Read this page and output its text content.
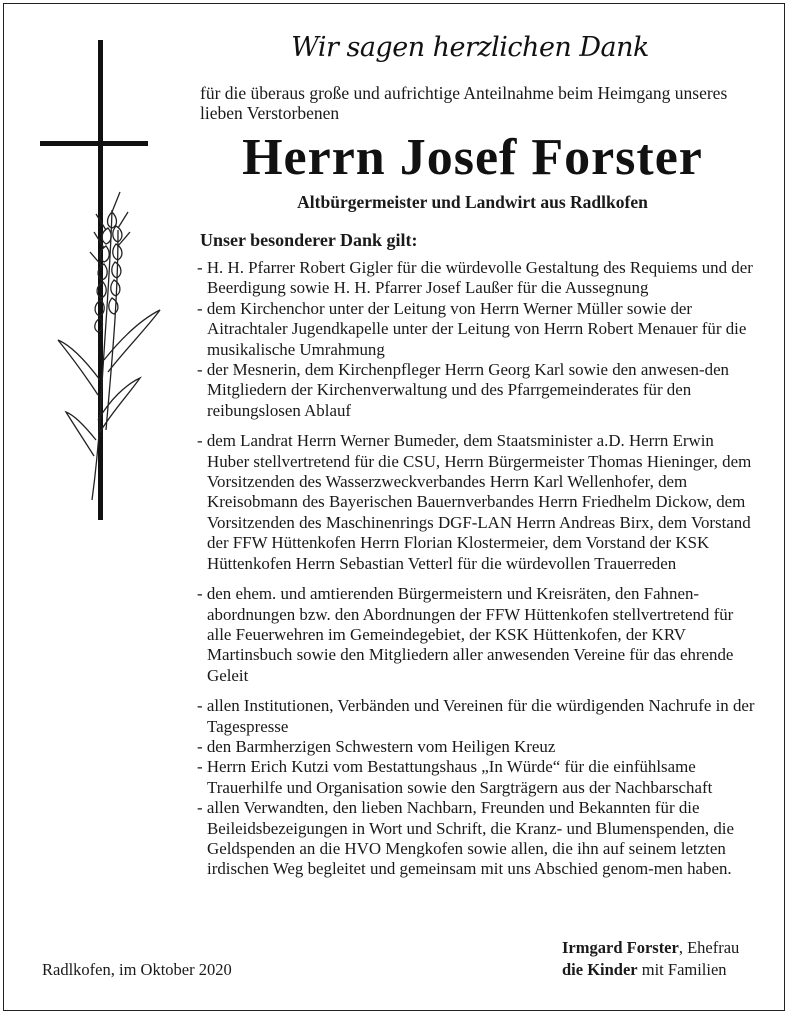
Wir sagen herzlichen Dank
für die überaus große und aufrichtige Anteilnahme beim Heimgang unseres lieben Verstorbenen
Herrn Josef Forster
Altbürgermeister und Landwirt aus Radlkofen
Unser besonderer Dank gilt:

- H. H. Pfarrer Robert Gigler für die würdevolle Gestaltung des Requiems und der Beerdigung sowie H. H. Pfarrer Josef Laußer für die Aussegnung

- dem Kirchenchor unter der Leitung von Herrn Werner Müller sowie der Aitrachtaler Jugendkapelle unter der Leitung von Herrn Robert Menauer für die musikalische Umrahmung

- der Mesnerin, dem Kirchenpfleger Herrn Georg Karl sowie den anwesen-den Mitgliedern der Kirchenverwaltung und des Pfarrgemeinderates für den reibungslosen Ablauf

- dem Landrat Herrn Werner Bumeder, dem Staatsminister a.D. Herrn Erwin Huber stellvertretend für die CSU, Herrn Bürgermeister Thomas Hieninger, dem Vorsitzenden des Wasserzweckverbandes Herrn Karl Wellenhofer, dem Kreisobmann des Bayerischen Bauernverbandes Herrn Friedhelm Dickow, dem Vorsitzenden des Maschinenrings DGF-LAN Herrn Andreas Birx, dem Vorstand der FFW Hüttenkofen Herrn Florian Klostermeier, dem Vorstand der KSK Hüttenkofen Herrn Sebastian Vetterl für die würdevollen Trauerreden

- den ehem. und amtierenden Bürgermeistern und Kreisräten, den Fahnen-abordnungen bzw. den Abordnungen der FFW Hüttenkofen stellvertretend für alle Feuerwehren im Gemeindegebiet, der KSK Hüttenkofen, der KRV Martinsbuch sowie den Mitgliedern aller anwesenden Vereine für das ehrende Geleit

- allen Institutionen, Verbänden und Vereinen für die würdigenden Nachrufe in der Tagespresse

- den Barmherzigen Schwestern vom Heiligen Kreuz

- Herrn Erich Kutzi vom Bestattungshaus „In Würde“ für die einfühlsame Trauerhilfe und Organisation sowie den Sargträgern aus der Nachbarschaft

- allen Verwandten, den lieben Nachbarn, Freunden und Bekannten für die Beileidsbezeigungen in Wort und Schrift, die Kranz- und Blumenspenden, die Geldspenden an die HVO Mengkofen sowie allen, die ihn auf seinem letzten irdischen Weg begleitet und gemeinsam mit uns Abschied genom-men haben.

Radlkofen, im Oktober 2020
Irmgard Forster, Ehefrau
die Kinder mit Familien
